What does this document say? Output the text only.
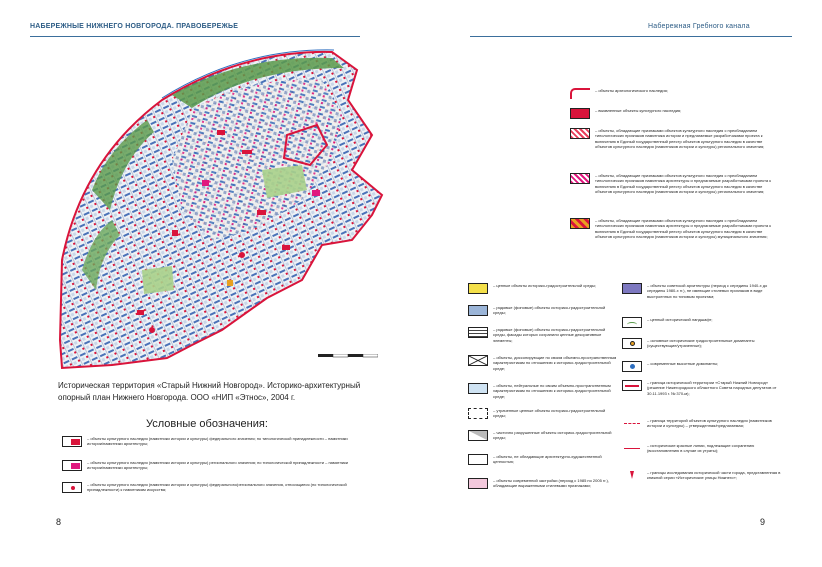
НАБЕРЕЖНЫЕ НИЖНЕГО НОВГОРОДА. ПРАВОБЕРЕЖЬЕ	Набережная Гребного канала
Историческая территория «Старый Нижний Новгород». Историко-архитектурный
опорный план Нижнего Новгорода. ООО «НИП «Этнос», 2004 г.
Условные обозначения:
– объекты культурного наследия (памятники истории и культуры) федерального значения; по типологической принадлежности – памятники истории/памятники архитектуры;
– объекты культурного наследия (памятники истории и культуры) регионального значения; по типологической принадлежности – памятники истории/памятники архитектуры;
– объекты культурного наследия (памятники истории и культуры) федерального/регионального значения, относящиеся (по типологической принадлежности) к памятникам искусства;
– объекты археологического наследия;
– выявленные объекты культурного наследия;
– объекты, обладающие признаками объектов культурного наследия с преобладанием типологических признаков памятника истории и предлагаемые разработчиками проекта к включению в Единый государственный реестр объектов культурного наследия в качестве объектов культурного наследия (памятников истории и культуры) регионального значения;
– объекты, обладающие признаками объектов культурного наследия с преобладанием типологических признаков памятника архитектуры и предлагаемые разработчиками проекта к включению в Единый государственный реестр объектов культурного наследия в качестве объектов культурного наследия (памятников истории и культуры) регионального значения;
– объекты, обладающие признаками объектов культурного наследия с преобладанием типологических признаков памятника архитектуры и предлагаемые разработчиками проекта к включению в Единый государственный реестр объектов культурного наследия в качестве объектов культурного наследия (памятников истории и культуры) муниципального значения;
– ценные объекты историко-градостроительной среды;
– рядовые (фоновые) объекты историко-градостроительной среды;
– рядовые (фоновые) объекты историко-градостроительной среды, фасады которых сохранили ценные декоративные элементы;
– объекты, диссонирующие по своим объемно-пространственным характеристикам по отношению к историко-градостроительной среде;
– объекты, нейтральные по своим объемно-пространственным характеристикам по отношению к историко-градостроительной среде;
– утраченные ценные объекты историко-градостроительной среды;
– частично разрушенные объекты историко-градостроительной среды;
– объекты, не обладающие архитектурно-художественной ценностью;
– объекты современной застройки (период с 1985 по 2005 гг.), обладающие выраженными стилевыми признаками;
– объекты советской архитектуры (период с середины 1940-х до середины 1980-х гг.), не имеющие стилевых признаков в виде выстроенных по типовым проектам;
– ценный исторический ландшафт;
– основные исторические градостроительные доминанты (существующие/утраченные);
– современные высотные доминанты;
– граница исторической территории «Старый Нижний Новгород» (решение Нижегородского областного Совета народных депутатов от 30.11.1993 г. № 370-м);
– граница территорий объектов культурного наследия (памятников истории и культуры) – утвержденная/предлагаемая;
– исторические красные линии, подлежащие сохранению (восстановлению в случае их утраты);
– границы исследования исторической части города, представленная в книжной серии «Исторические улицы Нижнего»;
8	9
